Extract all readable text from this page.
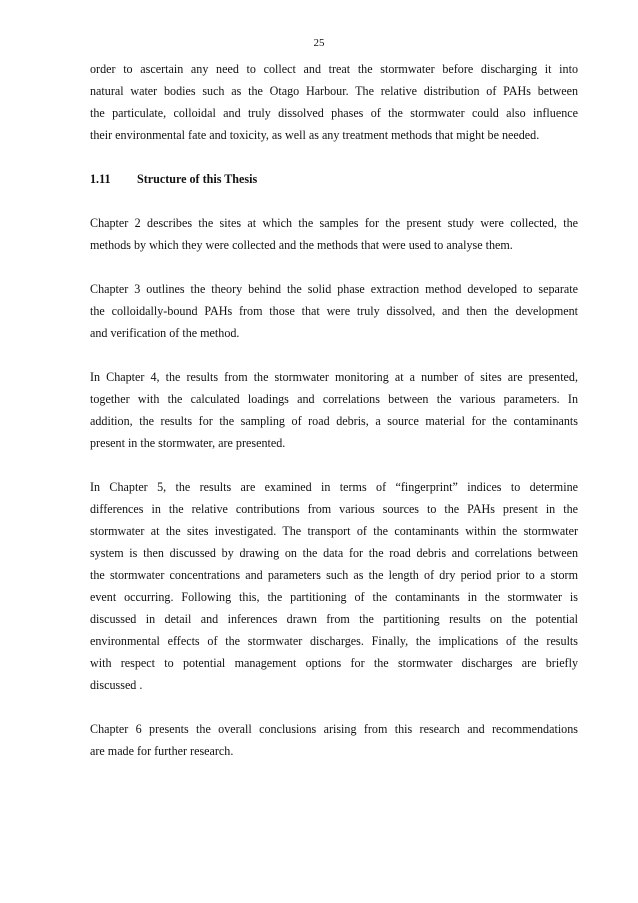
25
order to ascertain any need to collect and treat the stormwater before discharging it into
natural water bodies such as the Otago Harbour. The relative distribution of PAHs between
the particulate, colloidal and truly dissolved phases of the stormwater could also influence
their environmental fate and toxicity, as well as any treatment methods that might be needed.
1.11 Structure of this Thesis
Chapter 2 describes the sites at which the samples for the present study were collected, the
methods by which they were collected and the methods that were used to analyse them.
Chapter 3 outlines the theory behind the solid phase extraction method developed to separate
the colloidally-bound PAHs from those that were truly dissolved, and then the development
and verification of the method.
In Chapter 4, the results from the stormwater monitoring at a number of sites are presented,
together with the calculated loadings and correlations between the various parameters. In
addition, the results for the sampling of road debris, a source material for the contaminants
present in the stormwater, are presented.
In Chapter 5, the results are examined in terms of “fingerprint” indices to determine
differences in the relative contributions from various sources to the PAHs present in the
stormwater at the sites investigated. The transport of the contaminants within the stormwater
system is then discussed by drawing on the data for the road debris and correlations between
the stormwater concentrations and parameters such as the length of dry period prior to a storm
event occurring. Following this, the partitioning of the contaminants in the stormwater is
discussed in detail and inferences drawn from the partitioning results on the potential
environmental effects of the stormwater discharges. Finally, the implications of the results
with respect to potential management options for the stormwater discharges are briefly
discussed .
Chapter 6 presents the overall conclusions arising from this research and recommendations
are made for further research.
